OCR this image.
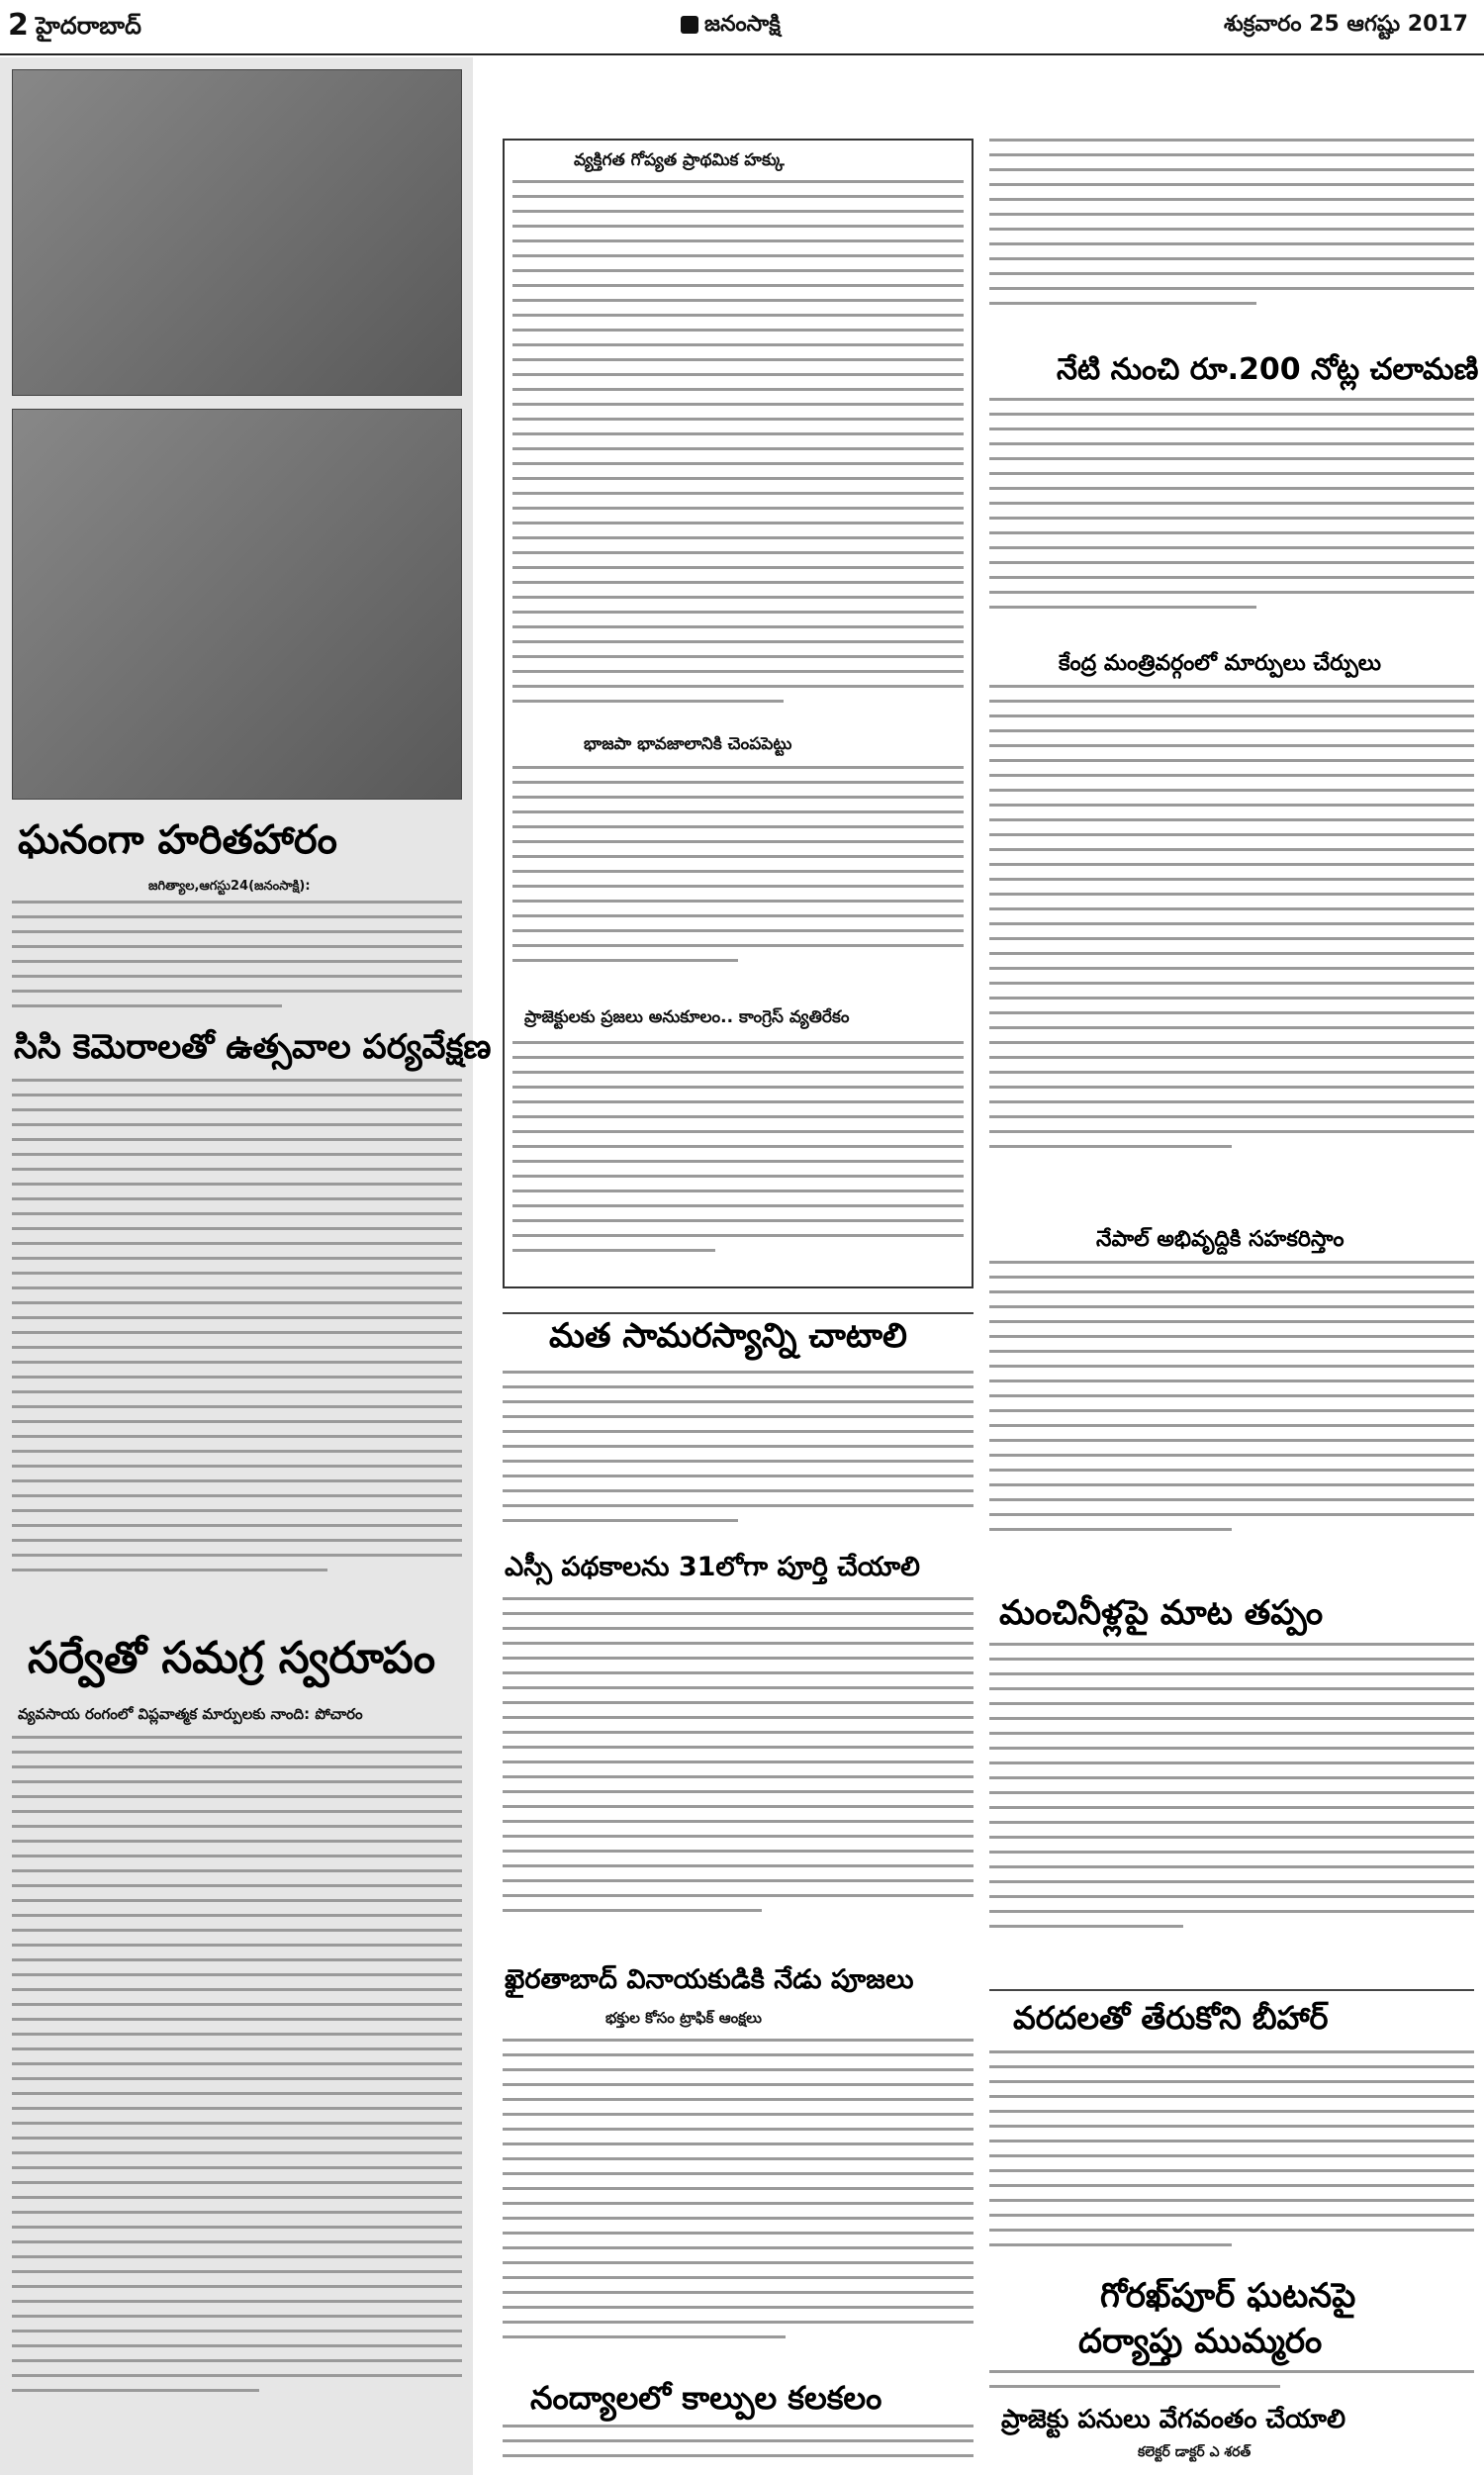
2 హైదరాబాద్	జనంసాక్షి	శుక్రవారం 25 ఆగష్టు 2017
ఘనంగా హరితహారం
జగిత్యాల,ఆగస్టు24(జనంసాక్షి):
సిసి కెమెరాలతో ఉత్సవాల పర్యవేక్షణ
సర్వేతో సమగ్ర స్వరూపం
వ్యవసాయ రంగంలో విప్లవాత్మక మార్పులకు నాంది: పోచారం
వ్యక్తిగత గోప్యత ప్రాథమిక హక్కు
భాజపా భావజాలానికి చెంపపెట్టు
ప్రాజెక్టులకు ప్రజలు అనుకూలం.. కాంగ్రెస్‌ వ్యతిరేకం
నేటి నుంచి రూ.200 నోట్ల చలామణి
కేంద్ర మంత్రివర్గంలో మార్పులు చేర్పులు
నేపాల్‌ అభివృద్దికి సహకరిస్తాం
మంచినీళ్లపై మాట తప్పం
మత సామరస్యాన్ని చాటాలి
ఎస్సీ పథకాలను 31లోగా పూర్తి చేయాలి
ఖైరతాబాద్‌ వినాయకుడికి నేడు పూజలు
భక్తుల కోసం ట్రాఫిక్‌ ఆంక్షలు
నంద్యాలలో కాల్పుల కలకలం
వరదలతో తేరుకోని బీహార్‌
గోరఖ్‌పూర్‌ ఘటనపై
దర్యాప్తు ముమ్మరం
ప్రాజెక్టు పనులు వేగవంతం చేయాలి
కలెక్టర్‌ డాక్టర్‌ ఎ శరత్‌
